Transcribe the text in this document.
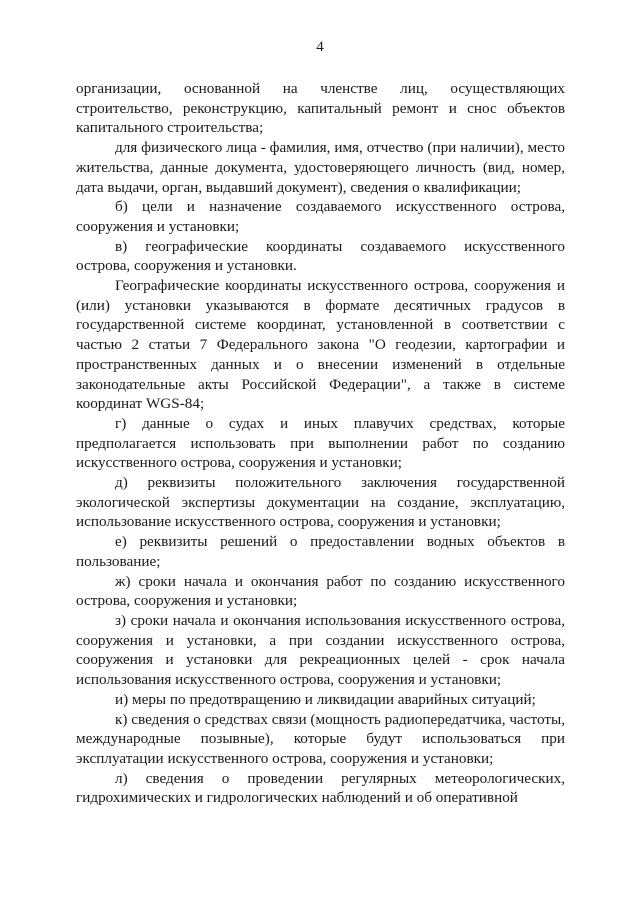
4

организации, основанной на членстве лиц, осуществляющих строительство, реконструкцию, капитальный ремонт и снос объектов капитального строительства;

для физического лица - фамилия, имя, отчество (при наличии), место жительства, данные документа, удостоверяющего личность (вид, номер, дата выдачи, орган, выдавший документ), сведения о квалификации;

б) цели и назначение создаваемого искусственного острова, сооружения и установки;

в) географические координаты создаваемого искусственного острова, сооружения и установки.

Географические координаты искусственного острова, сооружения и (или) установки указываются в формате десятичных градусов в государственной системе координат, установленной в соответствии с частью 2 статьи 7 Федерального закона "О геодезии, картографии и пространственных данных и о внесении изменений в отдельные законодательные акты Российской Федерации", а также в системе координат WGS-84;

г) данные о судах и иных плавучих средствах, которые предполагается использовать при выполнении работ по созданию искусственного острова, сооружения и установки;

д) реквизиты положительного заключения государственной экологической экспертизы документации на создание, эксплуатацию, использование искусственного острова, сооружения и установки;

е) реквизиты решений о предоставлении водных объектов в пользование;

ж) сроки начала и окончания работ по созданию искусственного острова, сооружения и установки;

з) сроки начала и окончания использования искусственного острова, сооружения и установки, а при создании искусственного острова, сооружения и установки для рекреационных целей - срок начала использования искусственного острова, сооружения и установки;

и) меры по предотвращению и ликвидации аварийных ситуаций;

к) сведения о средствах связи (мощность радиопередатчика, частоты, международные позывные), которые будут использоваться при эксплуатации искусственного острова, сооружения и установки;

л) сведения о проведении регулярных метеорологических, гидрохимических и гидрологических наблюдений и об оперативной
